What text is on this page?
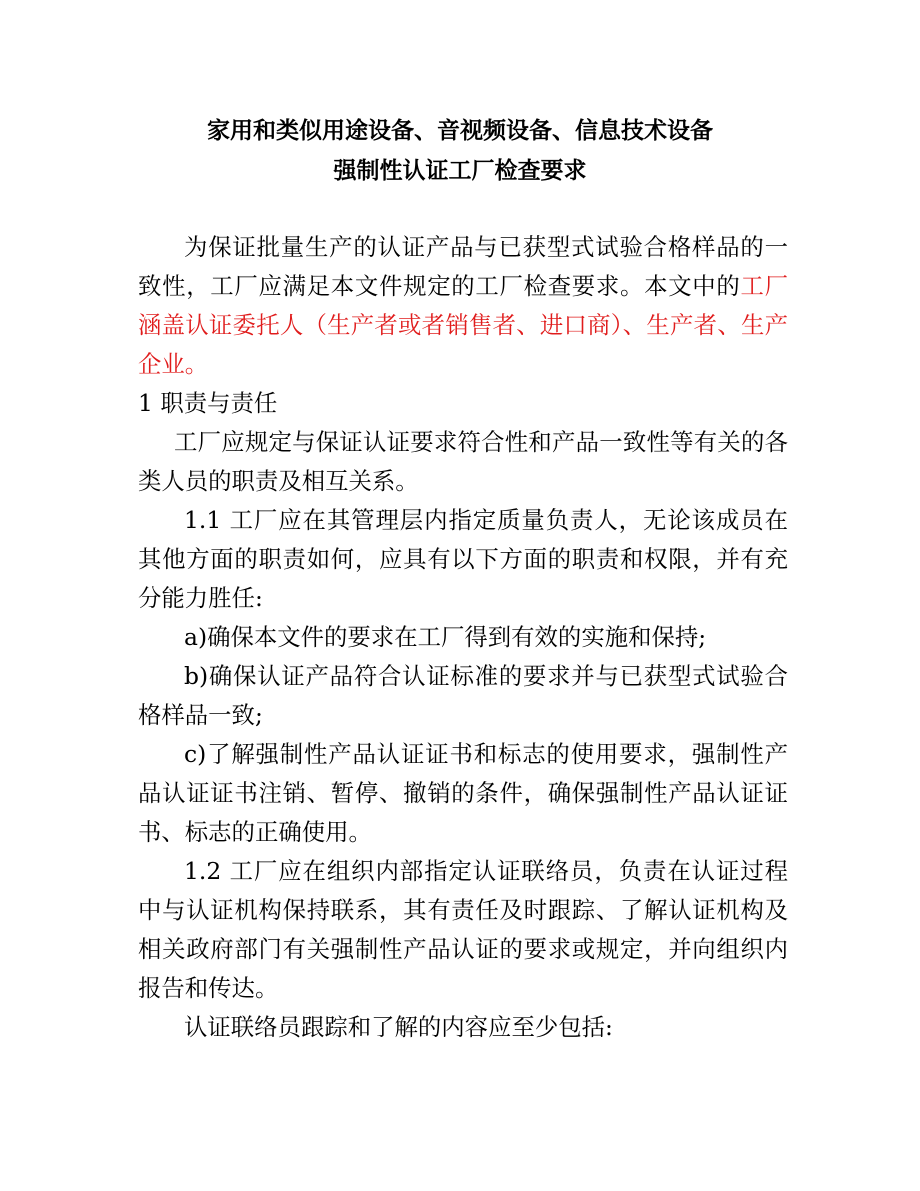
家用和类似用途设备、音视频设备、信息技术设备
强制性认证工厂检查要求

为保证批量生产的认证产品与已获型式试验合格样品的一致性，工厂应满足本文件规定的工厂检查要求。本文中的工厂涵盖认证委托人（生产者或者销售者、进口商）、生产者、生产企业。

1 职责与责任

工厂应规定与保证认证要求符合性和产品一致性等有关的各类人员的职责及相互关系。

1.1 工厂应在其管理层内指定质量负责人，无论该成员在其他方面的职责如何，应具有以下方面的职责和权限，并有充分能力胜任:

a)确保本文件的要求在工厂得到有效的实施和保持;

b)确保认证产品符合认证标准的要求并与已获型式试验合格样品一致;

c)了解强制性产品认证证书和标志的使用要求，强制性产品认证证书注销、暂停、撤销的条件，确保强制性产品认证证书、标志的正确使用。

1.2 工厂应在组织内部指定认证联络员，负责在认证过程中与认证机构保持联系，其有责任及时跟踪、了解认证机构及相关政府部门有关强制性产品认证的要求或规定，并向组织内报告和传达。

认证联络员跟踪和了解的内容应至少包括:
